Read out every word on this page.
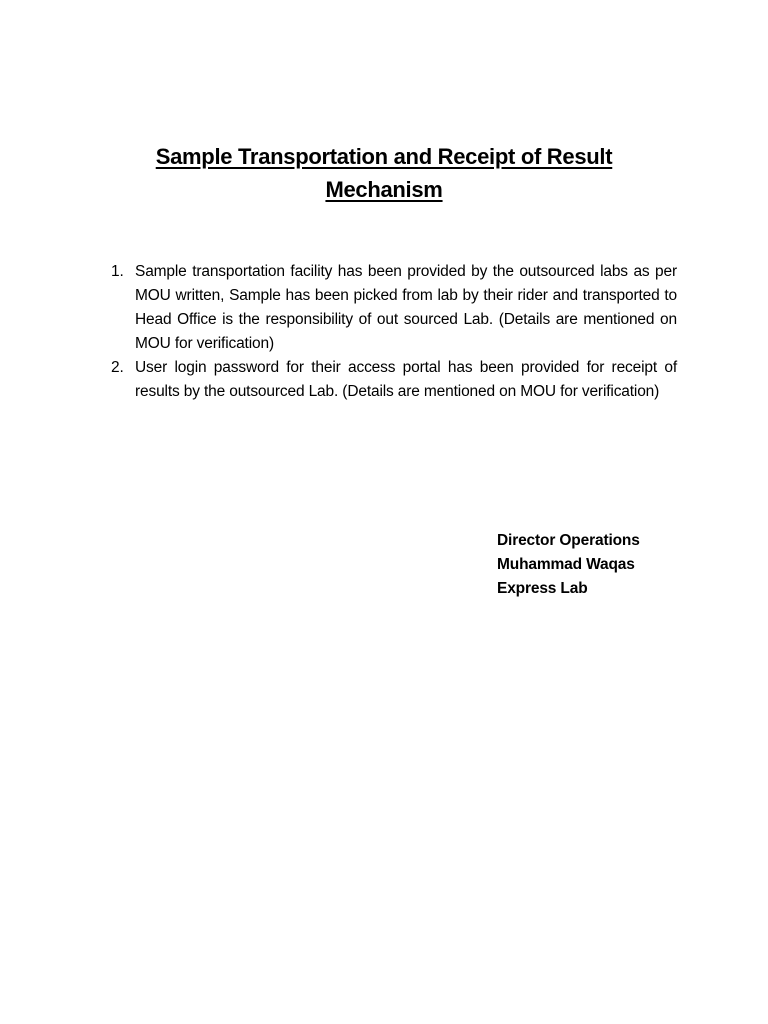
Sample Transportation and Receipt of Result
Mechanism
1. Sample transportation facility has been provided by the outsourced labs as per MOU written, Sample has been picked from lab by their rider and transported to Head Office is the responsibility of out sourced Lab. (Details are mentioned on MOU for verification)
2. User login password for their access portal has been provided for receipt of results by the outsourced Lab. (Details are mentioned on MOU for verification)
Director Operations
Muhammad Waqas
Express Lab
